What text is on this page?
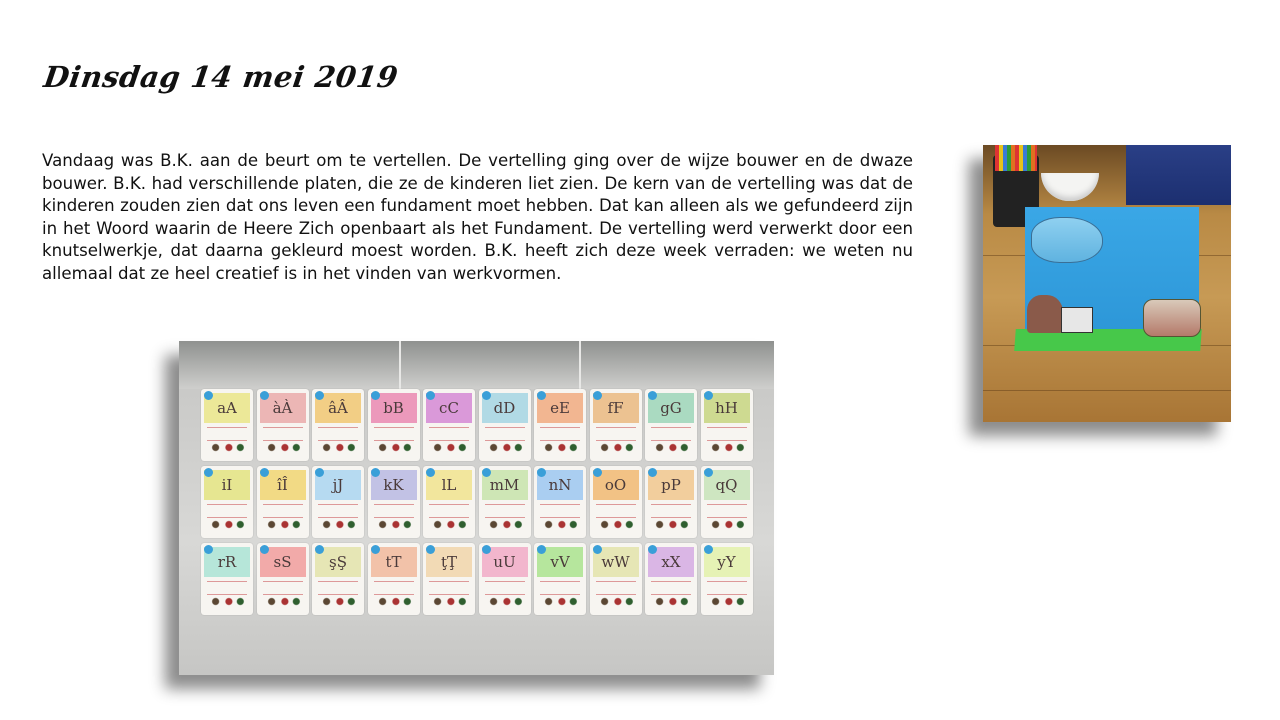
Dinsdag 14 mei 2019
Vandaag was B.K. aan de beurt om te vertellen. De vertelling ging over de wijze bouwer en de dwaze bouwer. B.K. had verschillende platen, die ze de kinderen liet zien. De kern van de vertelling was dat de kinderen zouden zien dat ons leven een fundament moet hebben. Dat kan alleen als we gefundeerd zijn in het Woord waarin de Heere Zich openbaart als het Fundament. De vertelling werd verwerkt door een knutselwerkje, dat daarna gekleurd moest worden. B.K. heeft zich deze week verraden: we weten nu allemaal dat ze heel creatief is in het vinden van werkvormen.
aA	àÀ	âÂ	bB	cC	dD	eE	fF	gG	hH
iI	îÎ	jJ	kK	lL	mM	nN	oO	pP	qQ
rR	sS	şŞ	tT	ţŢ	uU	vV	wW	xX	yY
